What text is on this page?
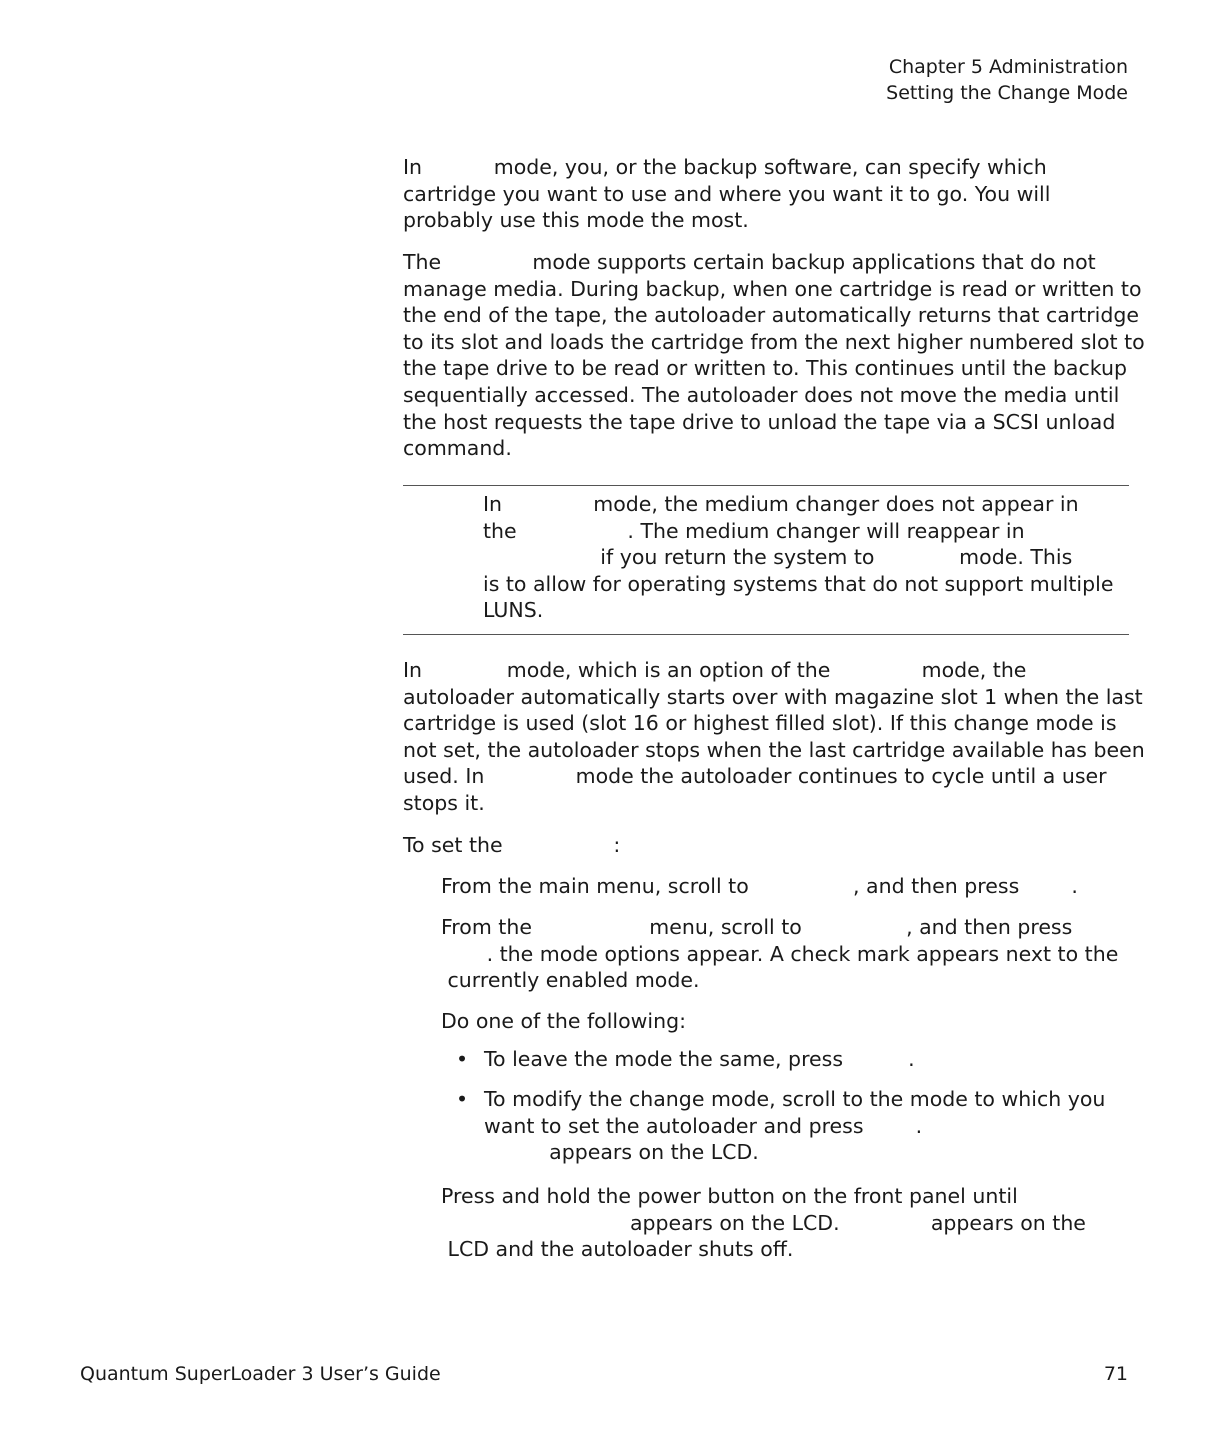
Chapter 5 Administration
Setting the Change Mode

In           mode, you, or the backup software, can specify which
cartridge you want to use and where you want it to go. You will
probably use this mode the most.

The              mode supports certain backup applications that do not
manage media. During backup, when one cartridge is read or written to
the end of the tape, the autoloader automatically returns that cartridge
to its slot and loads the cartridge from the next higher numbered slot to
the tape drive to be read or written to. This continues until the backup
sequentially accessed. The autoloader does not move the media until
the host requests the tape drive to unload the tape via a SCSI unload
command.

In              mode, the medium changer does not appear in
the                 . The medium changer will reappear in
if you return the system to             mode. This
is to allow for operating systems that do not support multiple
LUNS.

In             mode, which is an option of the              mode, the
autoloader automatically starts over with magazine slot 1 when the last
cartridge is used (slot 16 or highest filled slot). If this change mode is
not set, the autoloader stops when the last cartridge available has been
used. In              mode the autoloader continues to cycle until a user
stops it.

To set the                 :

From the main menu, scroll to                , and then press        .

From the                  menu, scroll to                , and then press
. the mode options appear. A check mark appears next to the
currently enabled mode.

Do one of the following:

• To leave the mode the same, press          .

• To modify the change mode, scroll to the mode to which you
want to set the autoloader and press        .
appears on the LCD.

Press and hold the power button on the front panel until
appears on the LCD.              appears on the
LCD and the autoloader shuts off.

Quantum SuperLoader 3 User’s Guide	71
